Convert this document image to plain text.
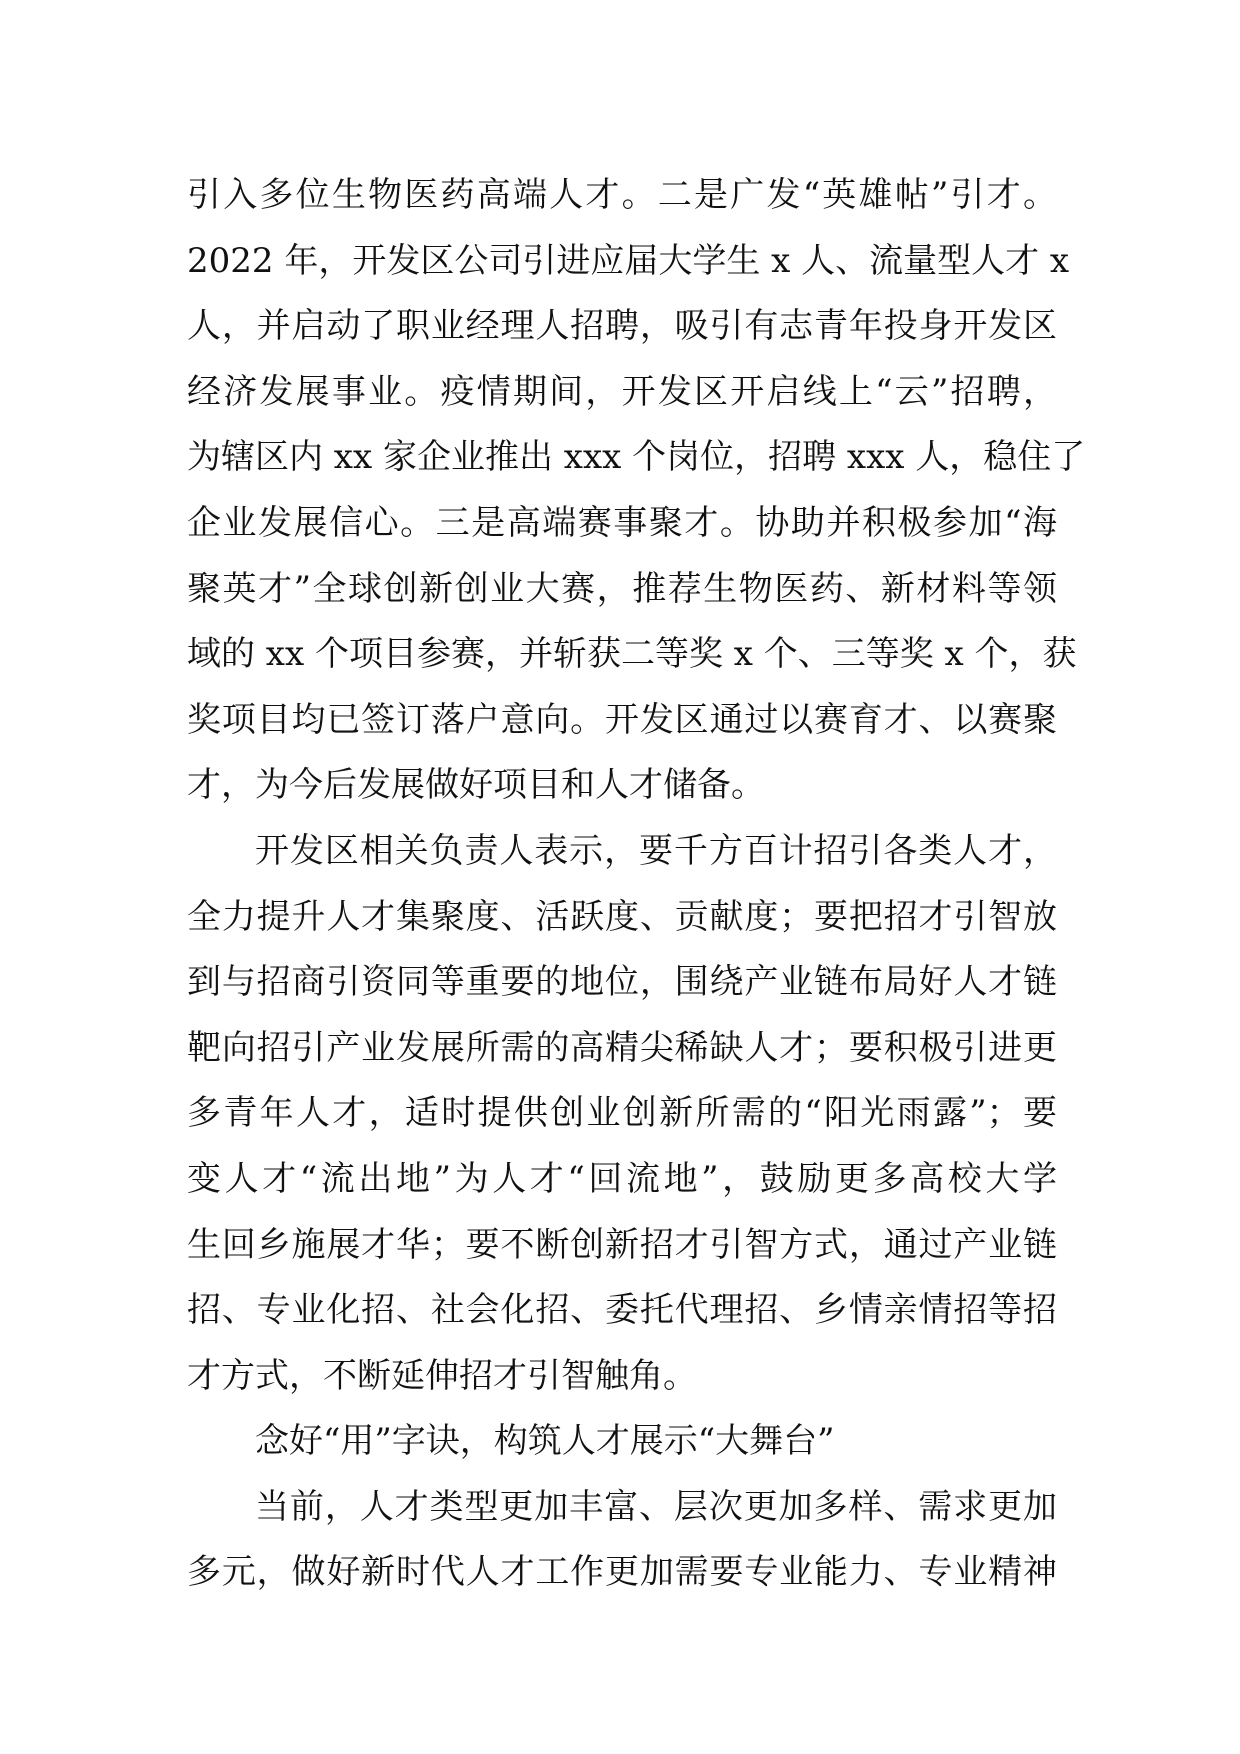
引入多位生物医药高端人才。二是广发“英雄帖”引才。
2022 年，开发区公司引进应届大学生 x 人、流量型人才 x
人，并启动了职业经理人招聘，吸引有志青年投身开发区
经济发展事业。疫情期间，开发区开启线上“云”招聘，
为辖区内 xx 家企业推出 xxx 个岗位，招聘 xxx 人，稳住了
企业发展信心。三是高端赛事聚才。协助并积极参加“海
聚英才”全球创新创业大赛，推荐生物医药、新材料等领
域的 xx 个项目参赛，并斩获二等奖 x 个、三等奖 x 个，获
奖项目均已签订落户意向。开发区通过以赛育才、以赛聚
才，为今后发展做好项目和人才储备。
开发区相关负责人表示，要千方百计招引各类人才，
全力提升人才集聚度、活跃度、贡献度；要把招才引智放
到与招商引资同等重要的地位，围绕产业链布局好人才链
靶向招引产业发展所需的高精尖稀缺人才；要积极引进更
多青年人才，适时提供创业创新所需的“阳光雨露”；要
变人才“流出地”为人才“回流地”，鼓励更多高校大学
生回乡施展才华；要不断创新招才引智方式，通过产业链
招、专业化招、社会化招、委托代理招、乡情亲情招等招
才方式，不断延伸招才引智触角。
念好“用”字诀，构筑人才展示“大舞台”
当前，人才类型更加丰富、层次更加多样、需求更加
多元，做好新时代人才工作更加需要专业能力、专业精神
